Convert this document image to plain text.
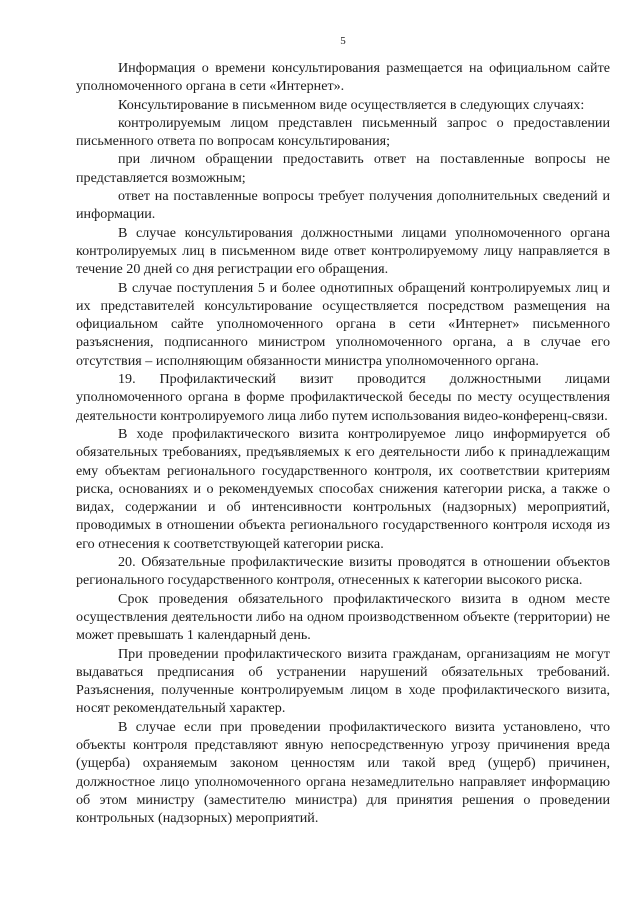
5

Информация о времени консультирования размещается на официальном сайте уполномоченного органа в сети «Интернет».

Консультирование в письменном виде осуществляется в следующих случаях:

контролируемым лицом представлен письменный запрос о предоставлении письменного ответа по вопросам консультирования;

при личном обращении предоставить ответ на поставленные вопросы не представляется возможным;

ответ на поставленные вопросы требует получения дополнительных сведений и информации.

В случае консультирования должностными лицами уполномоченного органа контролируемых лиц в письменном виде ответ контролируемому лицу направляется в течение 20 дней со дня регистрации его обращения.

В случае поступления 5 и более однотипных обращений контролируемых лиц и их представителей консультирование осуществляется посредством размещения на официальном сайте уполномоченного органа в сети «Интернет» письменного разъяснения, подписанного министром уполномоченного органа, а в случае его отсутствия – исполняющим обязанности министра уполномоченного органа.

19. Профилактический визит проводится должностными лицами уполномоченного органа в форме профилактической беседы по месту осуществления деятельности контролируемого лица либо путем использования видео-конференц-связи.

В ходе профилактического визита контролируемое лицо информируется об обязательных требованиях, предъявляемых к его деятельности либо к принадлежащим ему объектам регионального государственного контроля, их соответствии критериям риска, основаниях и о рекомендуемых способах снижения категории риска, а также о видах, содержании и об интенсивности контрольных (надзорных) мероприятий, проводимых в отношении объекта регионального государственного контроля исходя из его отнесения к соответствующей категории риска.

20. Обязательные профилактические визиты проводятся в отношении объектов регионального государственного контроля, отнесенных к категории высокого риска.

Срок проведения обязательного профилактического визита в одном месте осуществления деятельности либо на одном производственном объекте (территории) не может превышать 1 календарный день.

При проведении профилактического визита гражданам, организациям не могут выдаваться предписания об устранении нарушений обязательных требований. Разъяснения, полученные контролируемым лицом в ходе профилактического визита, носят рекомендательный характер.

В случае если при проведении профилактического визита установлено, что объекты контроля представляют явную непосредственную угрозу причинения вреда (ущерба) охраняемым законом ценностям или такой вред (ущерб) причинен, должностное лицо уполномоченного органа незамедлительно направляет информацию об этом министру (заместителю министра) для принятия решения о проведении контрольных (надзорных) мероприятий.
